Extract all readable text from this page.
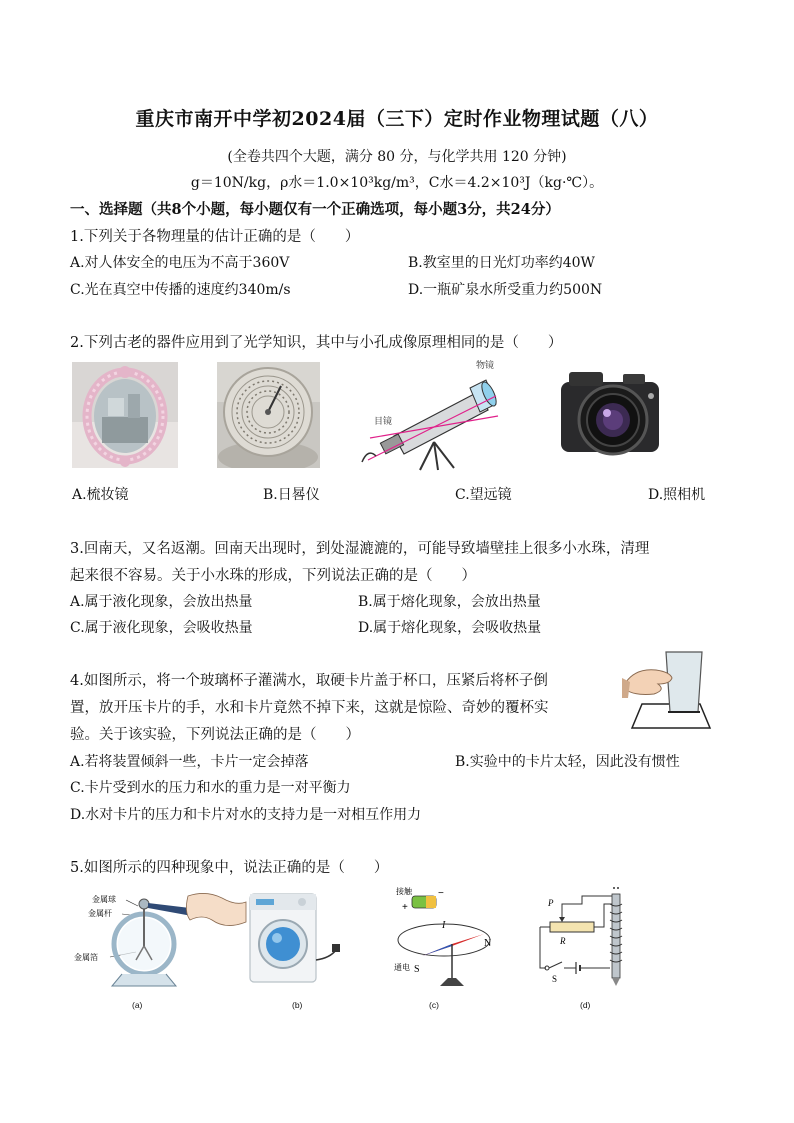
重庆市南开中学初2024届（三下）定时作业物理试题（八）
(全卷共四个大题，满分 80 分，与化学共用 120 分钟)
g＝10N/kg，ρ水＝1.0×10³kg/m³，C水＝4.2×10³J（kg·℃）。
一、选择题（共8个小题，每小题仅有一个正确选项，每小题3分，共24分）
1.下列关于各物理量的估计正确的是（　　）
A.对人体安全的电压为不高于360V	B.教室里的日光灯功率约40W
C.光在真空中传播的速度约340m/s	D.一瓶矿泉水所受重力约500N
2.下列古老的器件应用到了光学知识，其中与小孔成像原理相同的是（　　）
物镜
目镜
A.梳妆镜	B.日晷仪	C.望远镜	D.照相机
3.回南天，又名返潮。回南天出现时，到处湿漉漉的，可能导致墙壁挂上很多小水珠，清理
起来很不容易。关于小水珠的形成，下列说法正确的是（　　）
A.属于液化现象，会放出热量	B.属于熔化现象，会放出热量
C.属于液化现象，会吸收热量	D.属于熔化现象，会吸收热量
4.如图所示，将一个玻璃杯子灌满水，取硬卡片盖于杯口，压紧后将杯子倒
置，放开压卡片的手，水和卡片竟然不掉下来，这就是惊险、奇妙的覆杯实
验。关于该实验，下列说法正确的是（　　）
A.若将装置倾斜一些，卡片一定会掉落	B.实验中的卡片太轻，因此没有惯性
C.卡片受到水的压力和水的重力是一对平衡力
D.水对卡片的压力和卡片对水的支持力是一对相互作用力
5.如图所示的四种现象中，说法正确的是（　　）
金属球
金属杆
金属箔
接触
通电
N
S
I
+
−
P
R
S
(a)	(b)	(c)	(d)
